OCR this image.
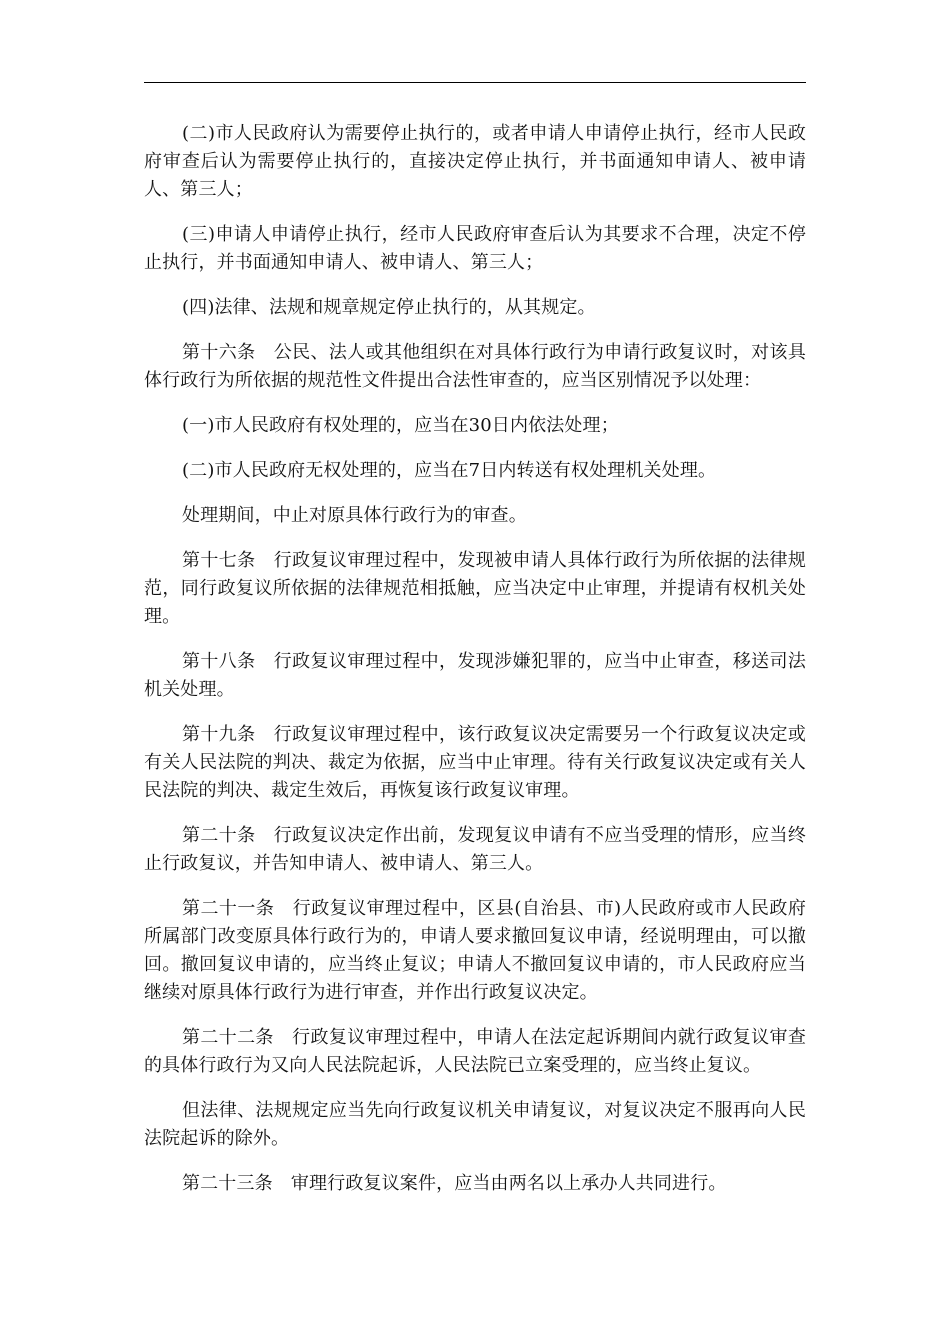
(二)市人民政府认为需要停止执行的，或者申请人申请停止执行，经市人民政府审查后认为需要停止执行的，直接决定停止执行，并书面通知申请人、被申请人、第三人；

(三)申请人申请停止执行，经市人民政府审查后认为其要求不合理，决定不停止执行，并书面通知申请人、被申请人、第三人；

(四)法律、法规和规章规定停止执行的，从其规定。

第十六条　公民、法人或其他组织在对具体行政行为申请行政复议时，对该具体行政行为所依据的规范性文件提出合法性审查的，应当区别情况予以处理：

(一)市人民政府有权处理的，应当在30日内依法处理；

(二)市人民政府无权处理的，应当在7日内转送有权处理机关处理。

处理期间，中止对原具体行政行为的审查。

第十七条　行政复议审理过程中，发现被申请人具体行政行为所依据的法律规范，同行政复议所依据的法律规范相抵触，应当决定中止审理，并提请有权机关处理。

第十八条　行政复议审理过程中，发现涉嫌犯罪的，应当中止审查，移送司法机关处理。

第十九条　行政复议审理过程中，该行政复议决定需要另一个行政复议决定或有关人民法院的判决、裁定为依据，应当中止审理。待有关行政复议决定或有关人民法院的判决、裁定生效后，再恢复该行政复议审理。

第二十条　行政复议决定作出前，发现复议申请有不应当受理的情形，应当终止行政复议，并告知申请人、被申请人、第三人。

第二十一条　行政复议审理过程中，区县(自治县、市)人民政府或市人民政府所属部门改变原具体行政行为的，申请人要求撤回复议申请，经说明理由，可以撤回。撤回复议申请的，应当终止复议；申请人不撤回复议申请的，市人民政府应当继续对原具体行政行为进行审查，并作出行政复议决定。

第二十二条　行政复议审理过程中，申请人在法定起诉期间内就行政复议审查的具体行政行为又向人民法院起诉，人民法院已立案受理的，应当终止复议。

但法律、法规规定应当先向行政复议机关申请复议，对复议决定不服再向人民法院起诉的除外。

第二十三条　审理行政复议案件，应当由两名以上承办人共同进行。
